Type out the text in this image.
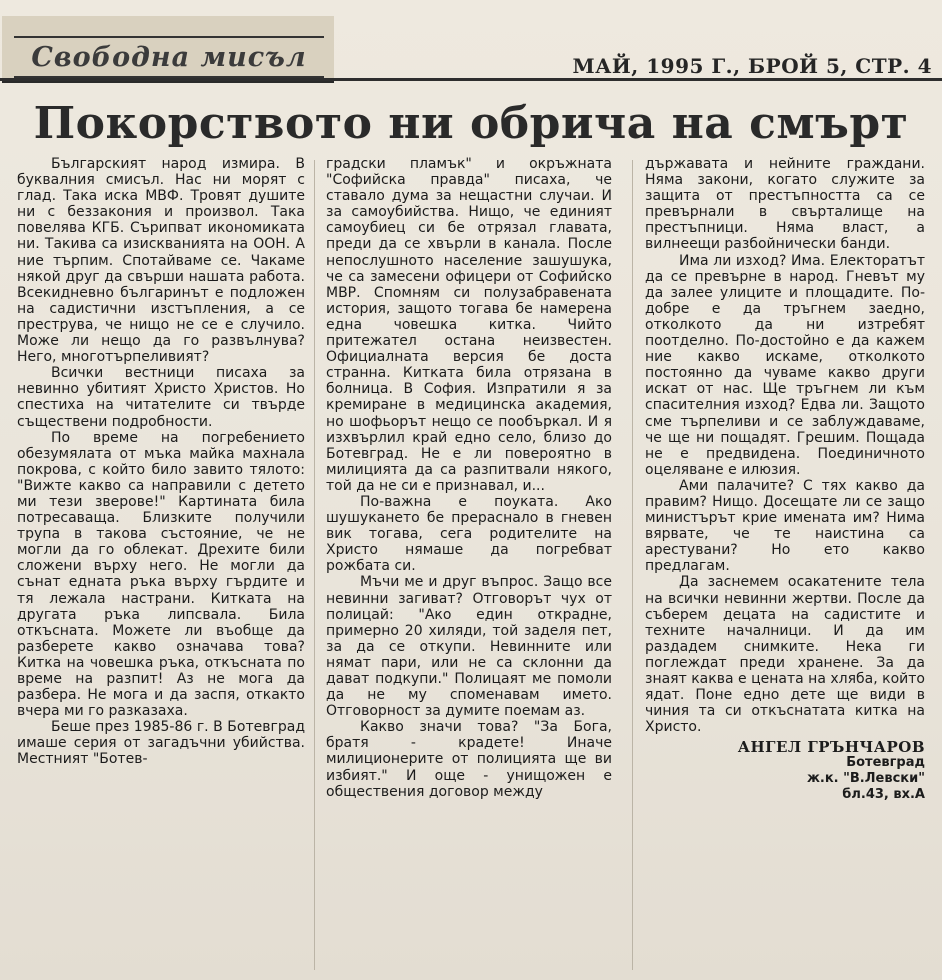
Свободна мисъл	МАЙ, 1995 Г., БРОЙ 5, СТР. 4
Покорството ни обрича на смърт

Българският народ измира. В буквалния смисъл. Нас ни морят с глад. Така иска МВФ. Тровят душите ни с беззакония и произвол. Така повелява КГБ. Сърипват икономиката ни. Такива са изискванията на ООН. А ние търпим. Спотайваме се. Чакаме някой друг да свърши нашата работа. Всекидневно българинът е подложен на садистични изстъпления, а се преструва, че нищо не се е случило. Може ли нещо да го развълнува? Него, многотърпеливият?

Всички вестници писаха за невинно убитият Христо Христов. Но спестиха на читателите си твърде съществени подробности.

По време на погребението обезумялата от мъка майка махнала покрова, с който било завито тялото: "Вижте какво са направили с детето ми тези зверове!" Картината била потресаваща. Близките получили трупа в такова състояние, че не могли да го облекат. Дрехите били сложени върху него. Не могли да сънат едната ръка върху гърдите и тя лежала настрани. Китката на другата ръка липсвала. Била откъсната. Можете ли въобще да разберете какво означава това? Китка на човешка ръка, откъсната по време на разпит! Аз не мога да разбера. Не мога и да заспя, откакто вчера ми го разказаха.

Беше през 1985-86 г. В Ботевград имаше серия от загадъчни убийства. Местният "Ботев-

градски пламък" и окръжната "Софийска правда" писаха, че ставало дума за нещастни случаи. И за самоубийства. Нищо, че единият самоубиец си бе отрязал главата, преди да се хвърли в канала. После непослушното население зашушука, че са замесени офицери от Софийско МВР. Спомням си полузабравената история, защото тогава бе намерена една човешка китка. Чийто притежател остана неизвестен. Официалната версия бе доста странна. Китката била отрязана в болница. В София. Изпратили я за кремиране в медицинска академия, но шофьорът нещо се пообъркал. И я изхвърлил край едно село, близо до Ботевград. Не е ли повероятно в милицията да са разпитвали някого, той да не си е признавал, и...

По-важна е поуката. Ако шушукането бе прераснало в гневен вик тогава, сега родителите на Христо нямаше да погребват рожбата си.

Мъчи ме и друг въпрос. Защо все невинни загиват? Отговорът чух от полицай: "Ако един открадне, примерно 20 хиляди, той заделя пет, за да се откупи. Невинните или нямат пари, или не са склонни да дават подкупи." Полицаят ме помоли да не му споменавам името. Отговорност за думите поемам аз.

Какво значи това? "За Бога, братя - крадете! Иначе милиционерите от полицията ще ви избият." И още - унищожен е обществения договор между

държавата и нейните граждани. Няма закони, когато служите за защита от престъпността са се превърнали в свърталище на престъпници. Няма власт, а вилнеещи разбойнически банди.

Има ли изход? Има. Електоратът да се превърне в народ. Гневът му да залее улиците и площадите. По-добре е да тръгнем заедно, отколкото да ни изтребят поотделно. По-достойно е да кажем ние какво искаме, отколкото постоянно да чуваме какво други искат от нас. Ще тръгнем ли към спасителния изход? Едва ли. Защото сме търпеливи и се заблуждаваме, че ще ни пощадят. Грешим. Пощада не е предвидена. Поединичното оцеляване е илюзия.

Ами палачите? С тях какво да правим? Нищо. Досещате ли се защо министърът крие имената им? Нима вярвате, че те наистина са арестувани? Но ето какво предлагам.

Да заснемем осакатените тела на всички невинни жертви. После да съберем децата на садистите и техните началници. И да им раздадем снимките. Нека ги поглеждат преди хранене. За да знаят каква е цената на хляба, който ядат. Поне едно дете ще види в чиния та си откъснатата китка на Христо.

АНГЕЛ ГРЪНЧАРОВ
Ботевград
ж.к. "В.Левски"
бл.43, вх.А
